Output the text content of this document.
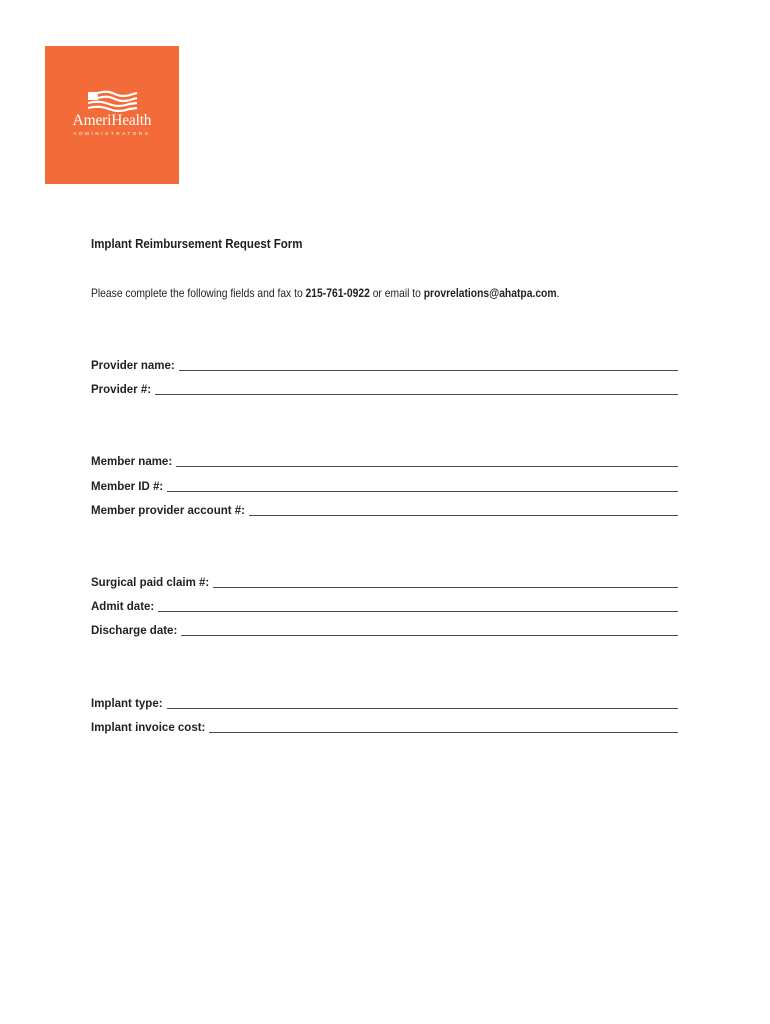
AmeriHealth
ADMINISTRATORS
Implant Reimbursement Request Form
Please complete the following fields and fax to 215-761-0922 or email to provrelations@ahatpa.com.
Provider name:
Provider #:
Member name:
Member ID #:
Member provider account #:
Surgical paid claim #:
Admit date:
Discharge date:
Implant type:
Implant invoice cost:
